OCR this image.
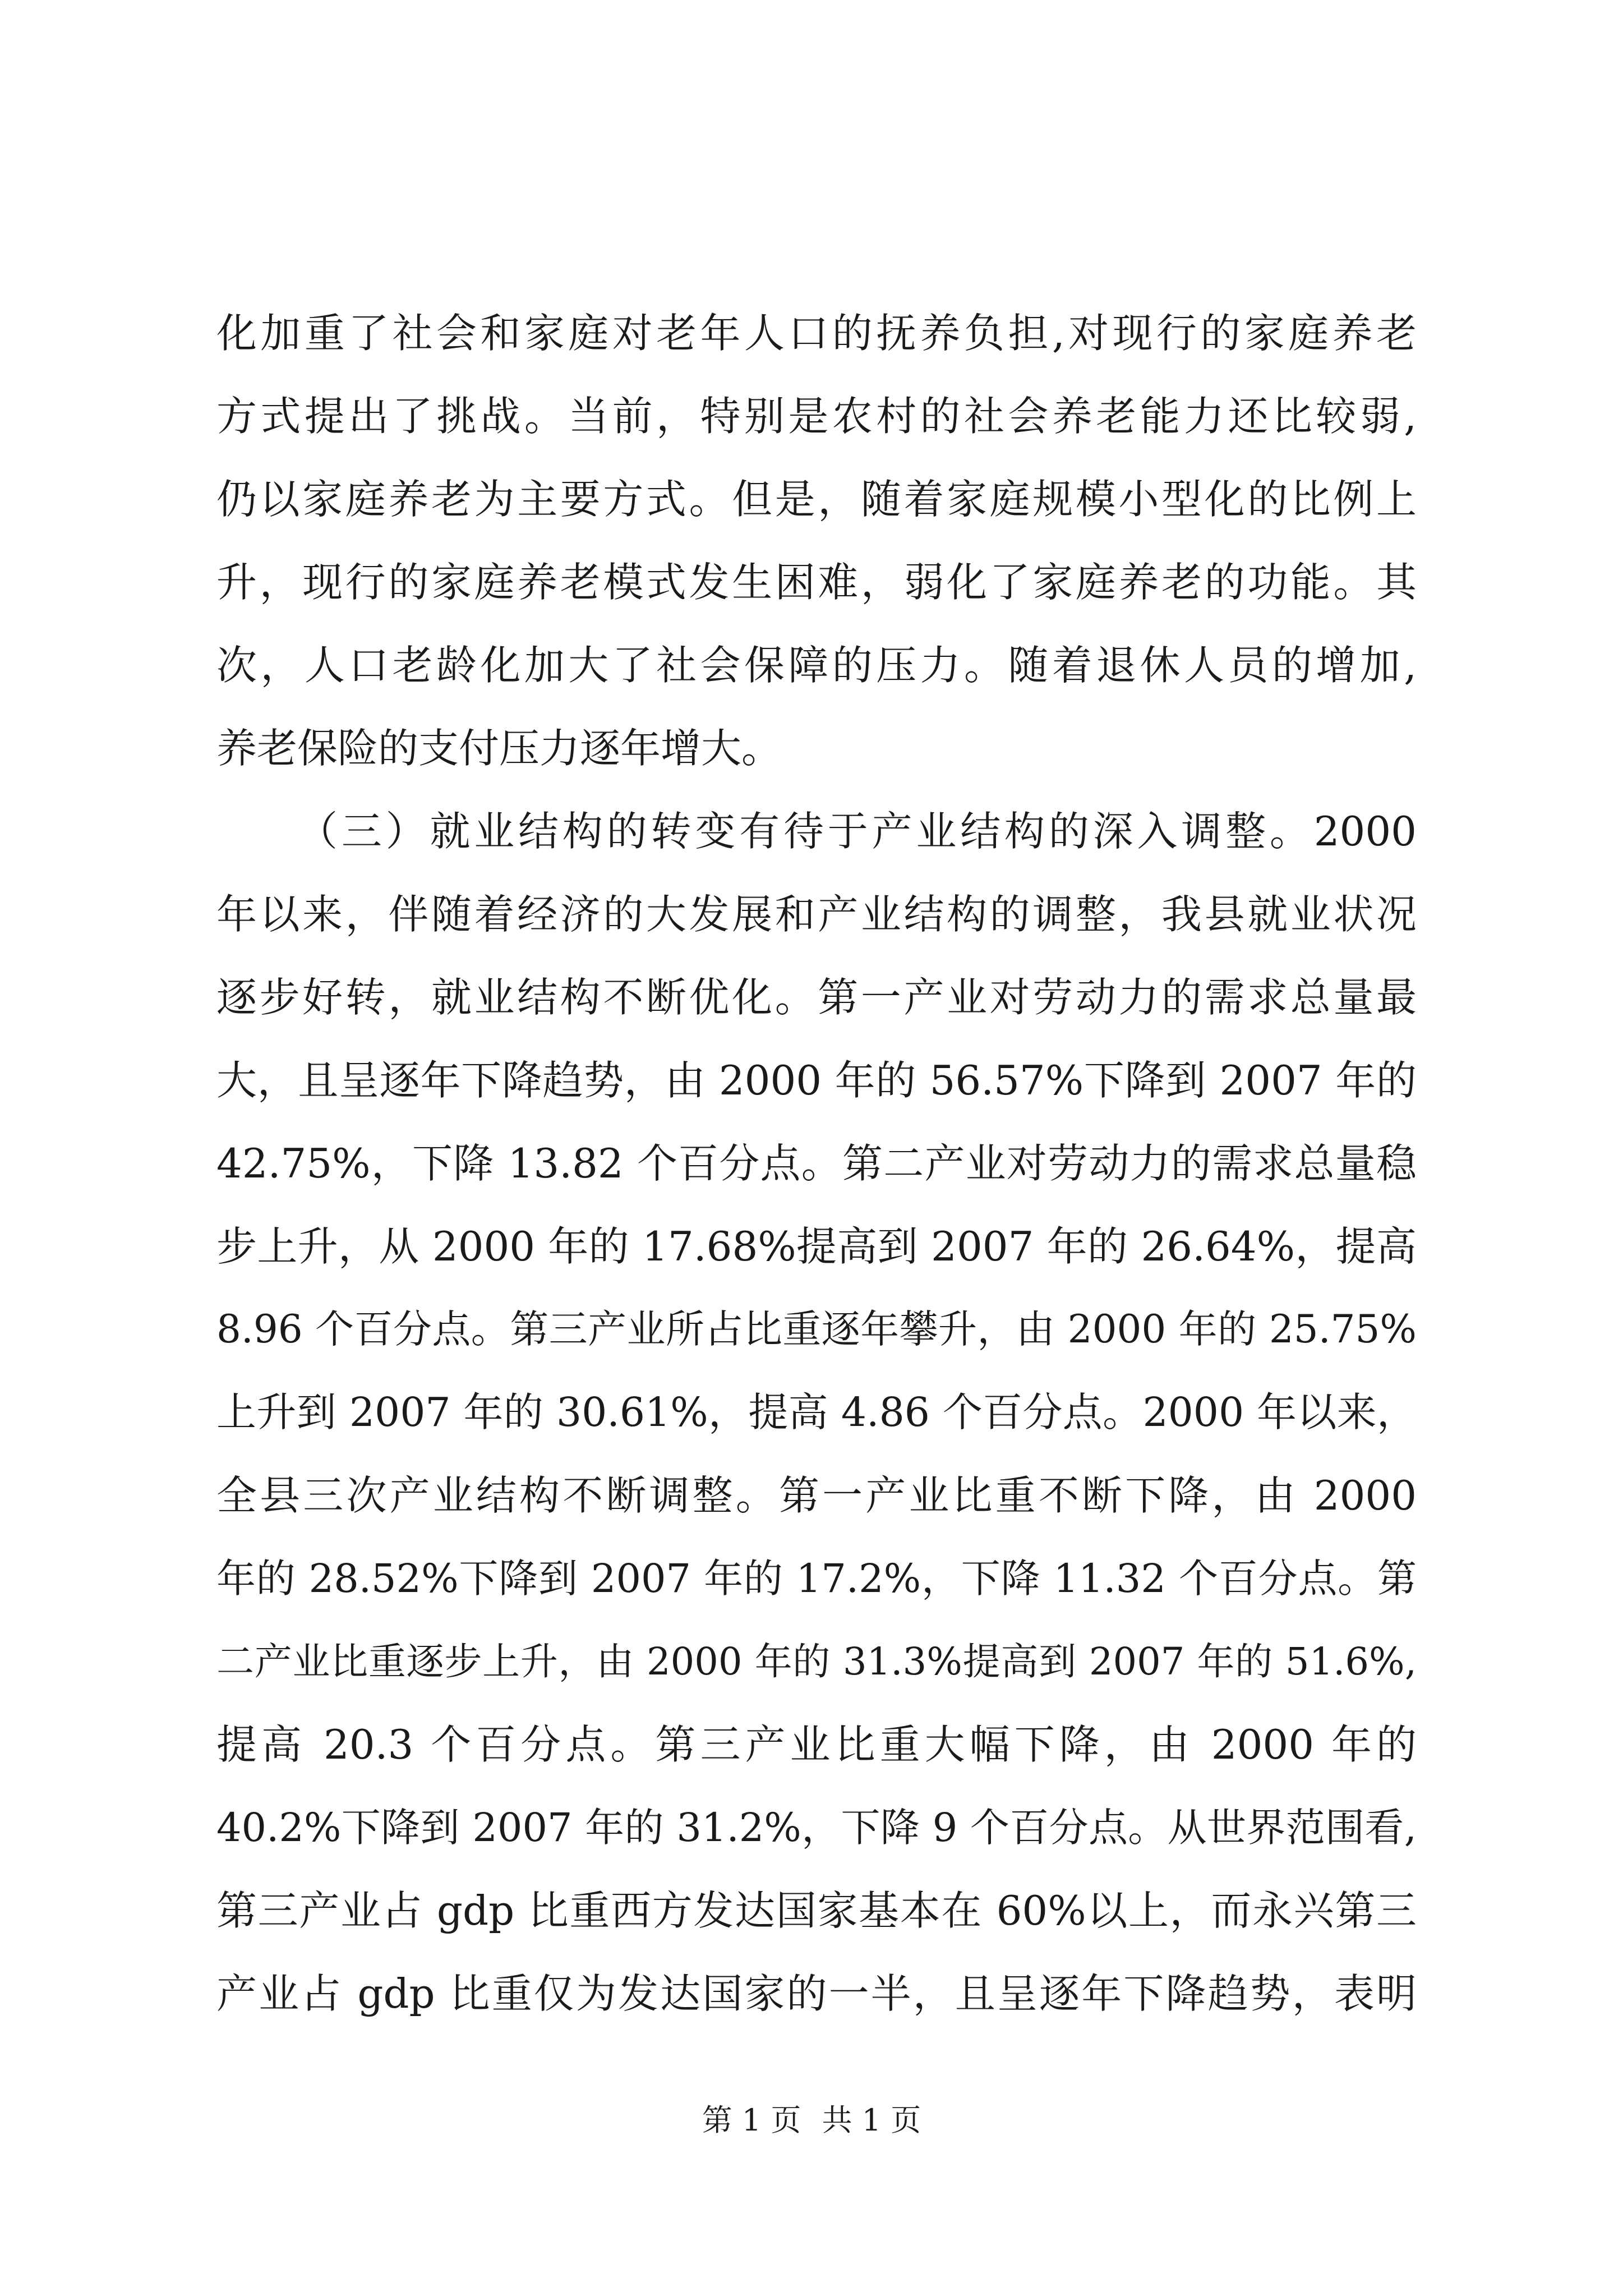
化加重了社会和家庭对老年人口的抚养负担,对现行的家庭养老
方式提出了挑战。当前，特别是农村的社会养老能力还比较弱,
仍以家庭养老为主要方式。但是，随着家庭规模小型化的比例上
升，现行的家庭养老模式发生困难，弱化了家庭养老的功能。其
次，人口老龄化加大了社会保障的压力。随着退休人员的增加,
养老保险的支付压力逐年增大。
（三）就业结构的转变有待于产业结构的深入调整。2000
年以来，伴随着经济的大发展和产业结构的调整，我县就业状况
逐步好转，就业结构不断优化。第一产业对劳动力的需求总量最
大，且呈逐年下降趋势，由 2000 年的 56.57%下降到 2007 年的
42.75%，下降 13.82 个百分点。第二产业对劳动力的需求总量稳
步上升，从 2000 年的 17.68%提高到 2007 年的 26.64%，提高
8.96 个百分点。第三产业所占比重逐年攀升，由 2000 年的 25.75%
上升到 2007 年的 30.61%，提高 4.86 个百分点。2000 年以来，
全县三次产业结构不断调整。第一产业比重不断下降，由 2000
年的 28.52%下降到 2007 年的 17.2%，下降 11.32 个百分点。第
二产业比重逐步上升，由 2000 年的 31.3%提高到 2007 年的 51.6%,
提高 20.3 个百分点。第三产业比重大幅下降，由 2000 年的
40.2%下降到 2007 年的 31.2%，下降 9 个百分点。从世界范围看,
第三产业占 gdp 比重西方发达国家基本在 60%以上，而永兴第三
产业占 gdp 比重仅为发达国家的一半，且呈逐年下降趋势，表明
第 1 页 共 1 页
